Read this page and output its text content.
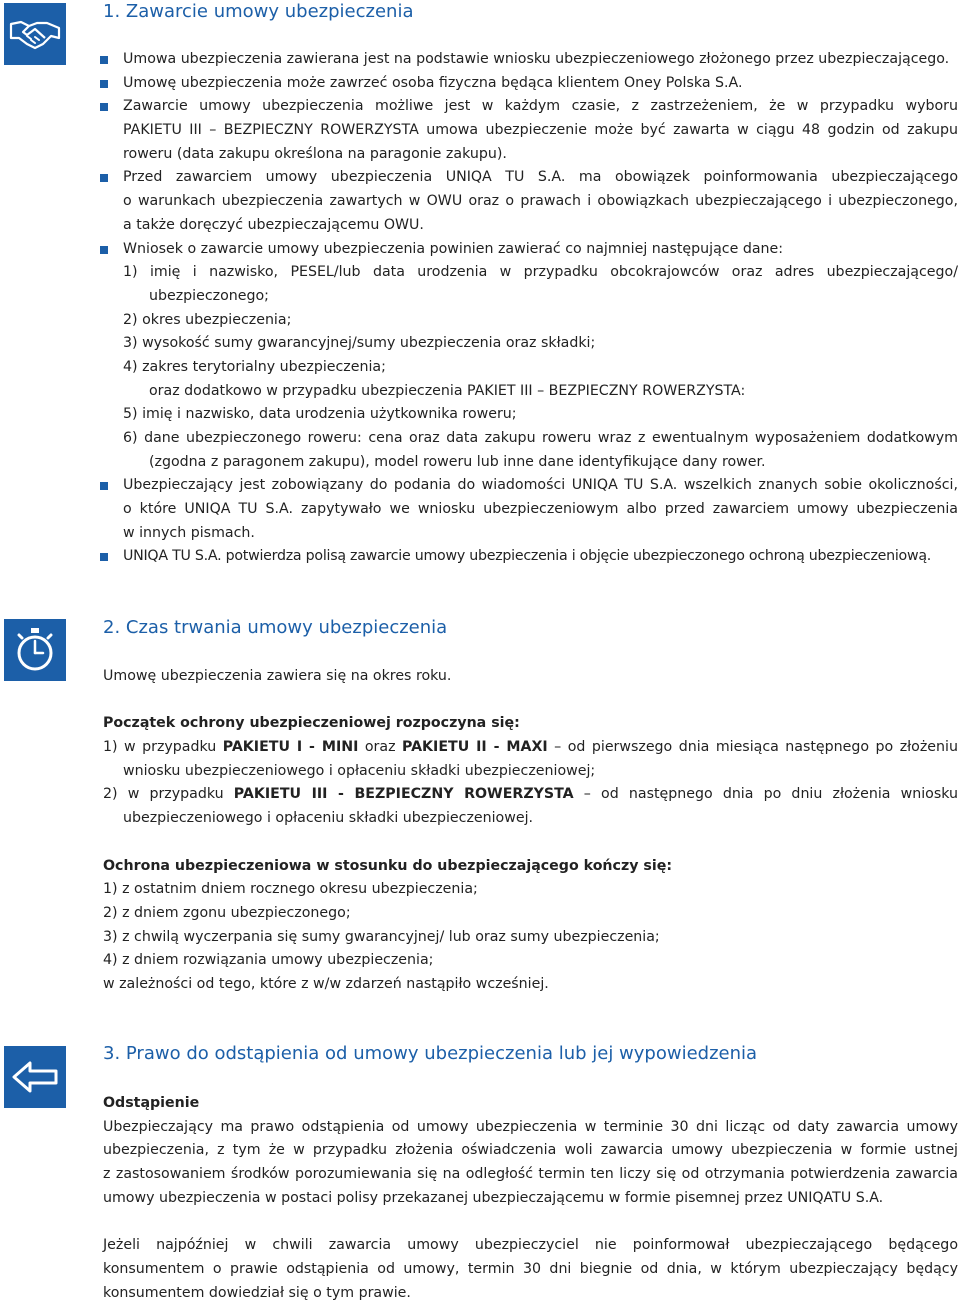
1. Zawarcie umowy ubezpieczenia
Umowa ubezpieczenia zawierana jest na podstawie wniosku ubezpieczeniowego złożonego przez ubezpieczającego.
Umowę ubezpieczenia może zawrzeć osoba fizyczna będąca klientem Oney Polska S.A.
Zawarcie umowy ubezpieczenia możliwe jest w każdym czasie, z zastrzeżeniem, że w przypadku wyboru
PAKIETU III – BEZPIECZNY ROWERZYSTA umowa ubezpieczenie może być zawarta w ciągu 48 godzin od zakupu
roweru (data zakupu określona na paragonie zakupu).
Przed zawarciem umowy ubezpieczenia UNIQA TU S.A. ma obowiązek poinformowania ubezpieczającego
o warunkach ubezpieczenia zawartych w OWU oraz o prawach i obowiązkach ubezpieczającego i ubezpieczonego,
a także doręczyć ubezpieczającemu OWU.
Wniosek o zawarcie umowy ubezpieczenia powinien zawierać co najmniej następujące dane:
1) imię i nazwisko, PESEL/lub data urodzenia w przypadku obcokrajowców oraz adres ubezpieczającego/
ubezpieczonego;
2) okres ubezpieczenia;
3) wysokość sumy gwarancyjnej/sumy ubezpieczenia oraz składki;
4) zakres terytorialny ubezpieczenia;
oraz dodatkowo w przypadku ubezpieczenia PAKIET III – BEZPIECZNY ROWERZYSTA:
5) imię i nazwisko, data urodzenia użytkownika roweru;
6) dane ubezpieczonego roweru: cena oraz data zakupu roweru wraz z ewentualnym wyposażeniem dodatkowym
(zgodna z paragonem zakupu), model roweru lub inne dane identyfikujące dany rower.
Ubezpieczający jest zobowiązany do podania do wiadomości UNIQA TU S.A. wszelkich znanych sobie okoliczności,
o które UNIQA TU S.A. zapytywało we wniosku ubezpieczeniowym albo przed zawarciem umowy ubezpieczenia
w innych pismach.
UNIQA TU S.A. potwierdza polisą zawarcie umowy ubezpieczenia i objęcie ubezpieczonego ochroną ubezpieczeniową.
2. Czas trwania umowy ubezpieczenia
Umowę ubezpieczenia zawiera się na okres roku.
Początek ochrony ubezpieczeniowej rozpoczyna się:
1) w przypadku PAKIETU I - MINI oraz PAKIETU II - MAXI – od pierwszego dnia miesiąca następnego po złożeniu
wniosku ubezpieczeniowego i opłaceniu składki ubezpieczeniowej;
2) w przypadku PAKIETU III - BEZPIECZNY ROWERZYSTA – od następnego dnia po dniu złożenia wniosku
ubezpieczeniowego i opłaceniu składki ubezpieczeniowej.
Ochrona ubezpieczeniowa w stosunku do ubezpieczającego kończy się:
1) z ostatnim dniem rocznego okresu ubezpieczenia;
2) z dniem zgonu ubezpieczonego;
3) z chwilą wyczerpania się sumy gwarancyjnej/ lub oraz sumy ubezpieczenia;
4) z dniem rozwiązania umowy ubezpieczenia;
w zależności od tego, które z w/w zdarzeń nastąpiło wcześniej.
3. Prawo do odstąpienia od umowy ubezpieczenia lub jej wypowiedzenia
Odstąpienie
Ubezpieczający ma prawo odstąpienia od umowy ubezpieczenia w terminie 30 dni licząc od daty zawarcia umowy
ubezpieczenia, z tym że w przypadku złożenia oświadczenia woli zawarcia umowy ubezpieczenia w formie ustnej
z zastosowaniem środków porozumiewania się na odległość termin ten liczy się od otrzymania potwierdzenia zawarcia
umowy ubezpieczenia w postaci polisy przekazanej ubezpieczającemu w formie pisemnej przez UNIQATU S.A.
Jeżeli najpóźniej w chwili zawarcia umowy ubezpieczyciel nie poinformował ubezpieczającego będącego
konsumentem o prawie odstąpienia od umowy, termin 30 dni biegnie od dnia, w którym ubezpieczający będący
konsumentem dowiedział się o tym prawie.
